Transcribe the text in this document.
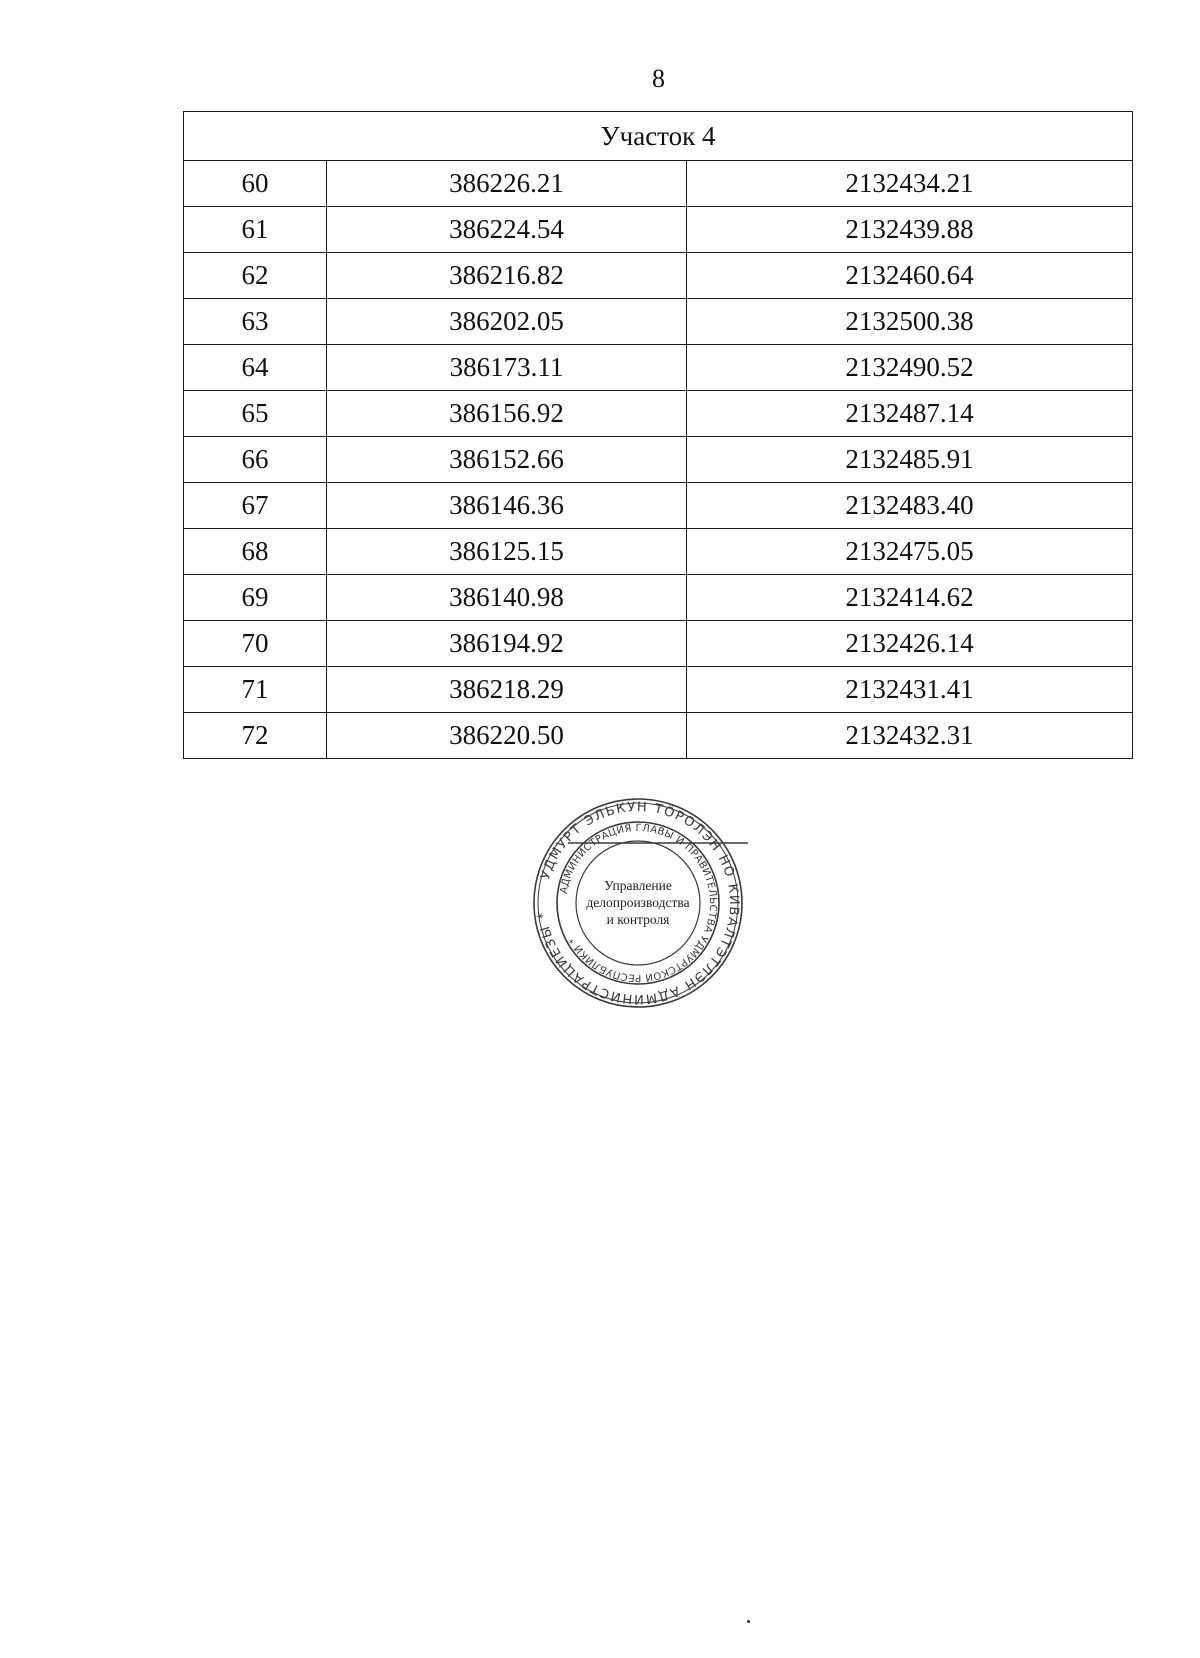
8
Участок 4		
60	386226.21	2132434.21
61	386224.54	2132439.88
62	386216.82	2132460.64
63	386202.05	2132500.38
64	386173.11	2132490.52
65	386156.92	2132487.14
66	386152.66	2132485.91
67	386146.36	2132483.40
68	386125.15	2132475.05
69	386140.98	2132414.62
70	386194.92	2132426.14
71	386218.29	2132431.41
72	386220.50	2132432.31
УДМУРТ ЭЛЬКУН ТӦРОЛЭН НО КИВАЛТЭТЛЭН АДМИНИСТРАЦИЕЗЫ *
АДМИНИСТРАЦИЯ ГЛАВЫ И ПРАВИТЕЛЬСТВА УДМУРТСКОЙ РЕСПУБЛИКИ *
Управление
делопроизводства
и контроля
